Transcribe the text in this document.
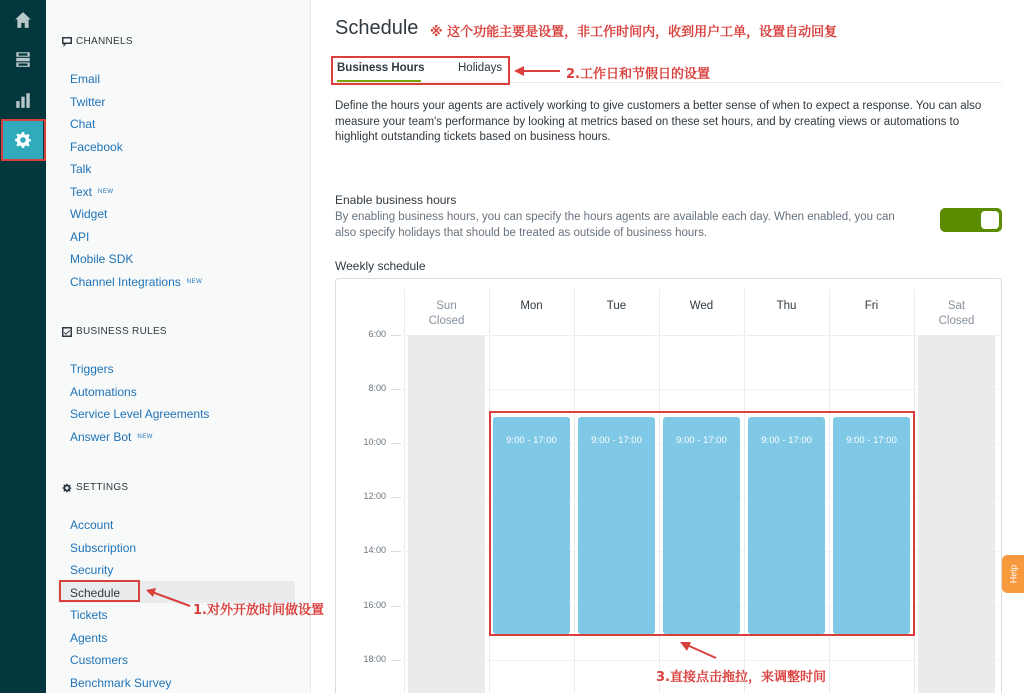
CHANNELS
Email
Twitter
Chat
Facebook
Talk
Text NEW
Widget
API
Mobile SDK
Channel Integrations NEW
BUSINESS RULES
Triggers
Automations
Service Level Agreements
Answer Bot NEW
SETTINGS
Account
Subscription
Security
Schedule
Tickets
Agents
Customers
Benchmark Survey
1.对外开放时间做设置
Schedule ※ 这个功能主要是设置，非工作时间内，收到用户工单，设置自动回复
Business Hours	Holidays	2.工作日和节假日的设置
Define the hours your agents are actively working to give customers a better sense of when to expect a response. You can also measure your team's performance by looking at metrics based on these set hours, and by creating views or automations to highlight outstanding tickets based on business hours.
Enable business hours
By enabling business hours, you can specify the hours agents are available each day. When enabled, you can also specify holidays that should be treated as outside of business hours.
Weekly schedule
6:00
8:00
10:00
12:00
14:00
16:00
18:00
Sun
Closed
Mon
9:00 - 17:00
Tue
9:00 - 17:00
Wed
9:00 - 17:00
Thu
9:00 - 17:00
Fri
9:00 - 17:00
Sat
Closed
3.直接点击拖拉，来调整时间
Help
